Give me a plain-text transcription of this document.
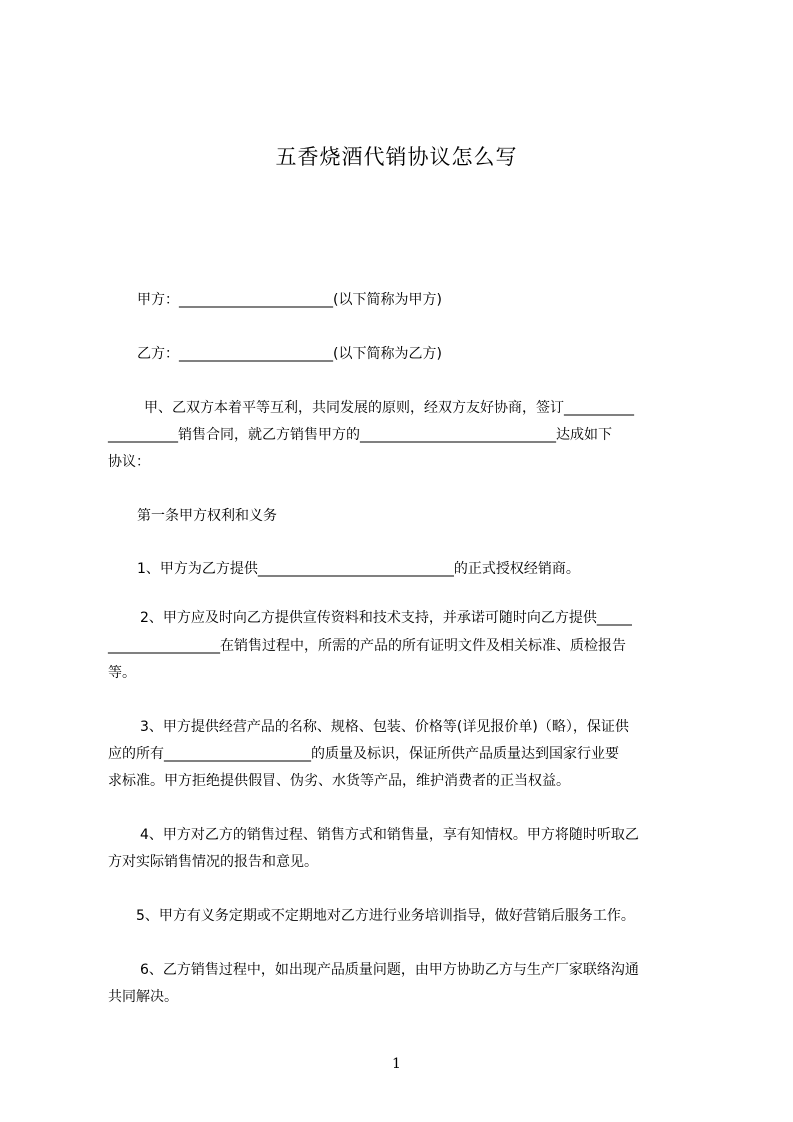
五香烧酒代销协议怎么写
甲方：______________________(以下简称为甲方)
乙方：______________________(以下简称为乙方)
甲、乙双方本着平等互利，共同发展的原则，经双方友好协商，签订__________
__________销售合同，就乙方销售甲方的____________________________达成如下
协议：
第一条甲方权利和义务
1、甲方为乙方提供____________________________的正式授权经销商。
2、甲方应及时向乙方提供宣传资料和技术支持，并承诺可随时向乙方提供_____
________________在销售过程中，所需的产品的所有证明文件及相关标准、质检报告
等。
3、甲方提供经营产品的名称、规格、包装、价格等(详见报价单)（略），保证供
应的所有_____________________的质量及标识，保证所供产品质量达到国家行业要
求标准。甲方拒绝提供假冒、伪劣、水货等产品，维护消费者的正当权益。
4、甲方对乙方的销售过程、销售方式和销售量，享有知情权。甲方将随时听取乙
方对实际销售情况的报告和意见。
5、甲方有义务定期或不定期地对乙方进行业务培训指导，做好营销后服务工作。
6、乙方销售过程中，如出现产品质量问题，由甲方协助乙方与生产厂家联络沟通
共同解决。
1
